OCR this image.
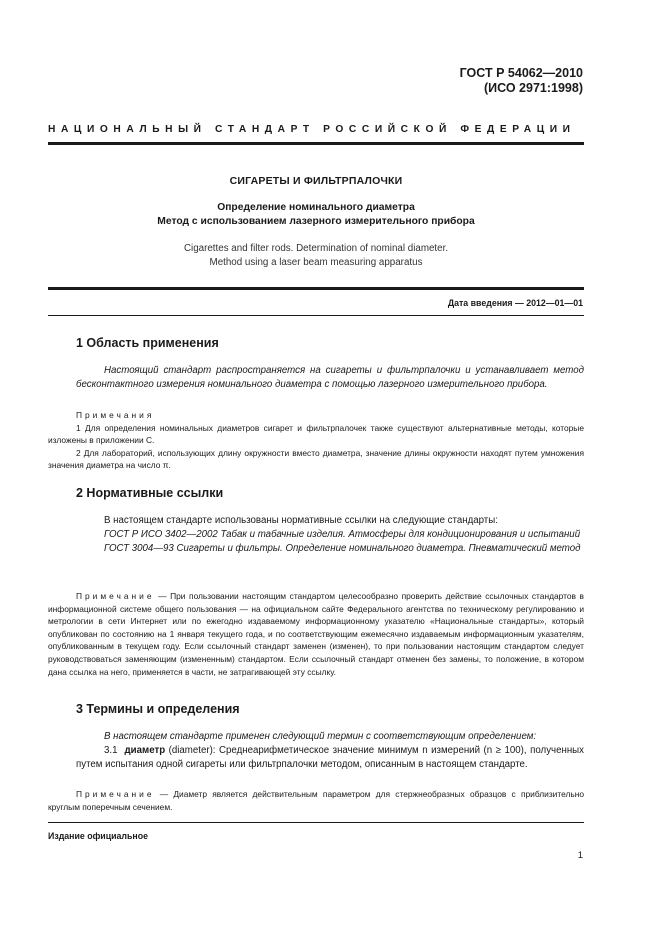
ГОСТ Р 54062—2010
(ИСО 2971:1998)
НАЦИОНАЛЬНЫЙ СТАНДАРТ РОССИЙСКОЙ ФЕДЕРАЦИИ
СИГАРЕТЫ И ФИЛЬТРПАЛОЧКИ
Определение номинального диаметра
Метод с использованием лазерного измерительного прибора
Cigarettes and filter rods. Determination of nominal diameter.
Method using a laser beam measuring apparatus
Дата введения — 2012—01—01
1 Область применения

Настоящий стандарт распространяется на сигареты и фильтрпалочки и устанавливает метод бесконтактного измерения номинального диаметра с помощью лазерного измерительного прибора.

Примечания

1 Для определения номинальных диаметров сигарет и фильтрпалочек также существуют альтернативные методы, которые изложены в приложении С.

2 Для лабораторий, использующих длину окружности вместо диаметра, значение длины окружности находят путем умножения значения диаметра на число π.

2 Нормативные ссылки

В настоящем стандарте использованы нормативные ссылки на следующие стандарты:

ГОСТ Р ИСО 3402—2002 Табак и табачные изделия. Атмосферы для кондиционирования и испытаний

ГОСТ 3004—93 Сигареты и фильтры. Определение номинального диаметра. Пневматический метод

Примечание — При пользовании настоящим стандартом целесообразно проверить действие ссылочных стандартов в информационной системе общего пользования — на официальном сайте Федерального агентства по техническому регулированию и метрологии в сети Интернет или по ежегодно издаваемому информационному указателю «Национальные стандарты», который опубликован по состоянию на 1 января текущего года, и по соответствующим ежемесячно издаваемым информационным указателям, опубликованным в текущем году. Если ссылочный стандарт заменен (изменен), то при пользовании настоящим стандартом следует руководствоваться заменяющим (измененным) стандартом. Если ссылочный стандарт отменен без замены, то положение, в котором дана ссылка на него, применяется в части, не затрагивающей эту ссылку.

3 Термины и определения

В настоящем стандарте применен следующий термин с соответствующим определением:

3.1 диаметр (diameter): Среднеарифметическое значение минимум n измерений (n ≥ 100), полученных путем испытания одной сигареты или фильтрпалочки методом, описанным в настоящем стандарте.

Примечание — Диаметр является действительным параметром для стержнеобразных образцов с приблизительно круглым поперечным сечением.

Издание официальное
1
